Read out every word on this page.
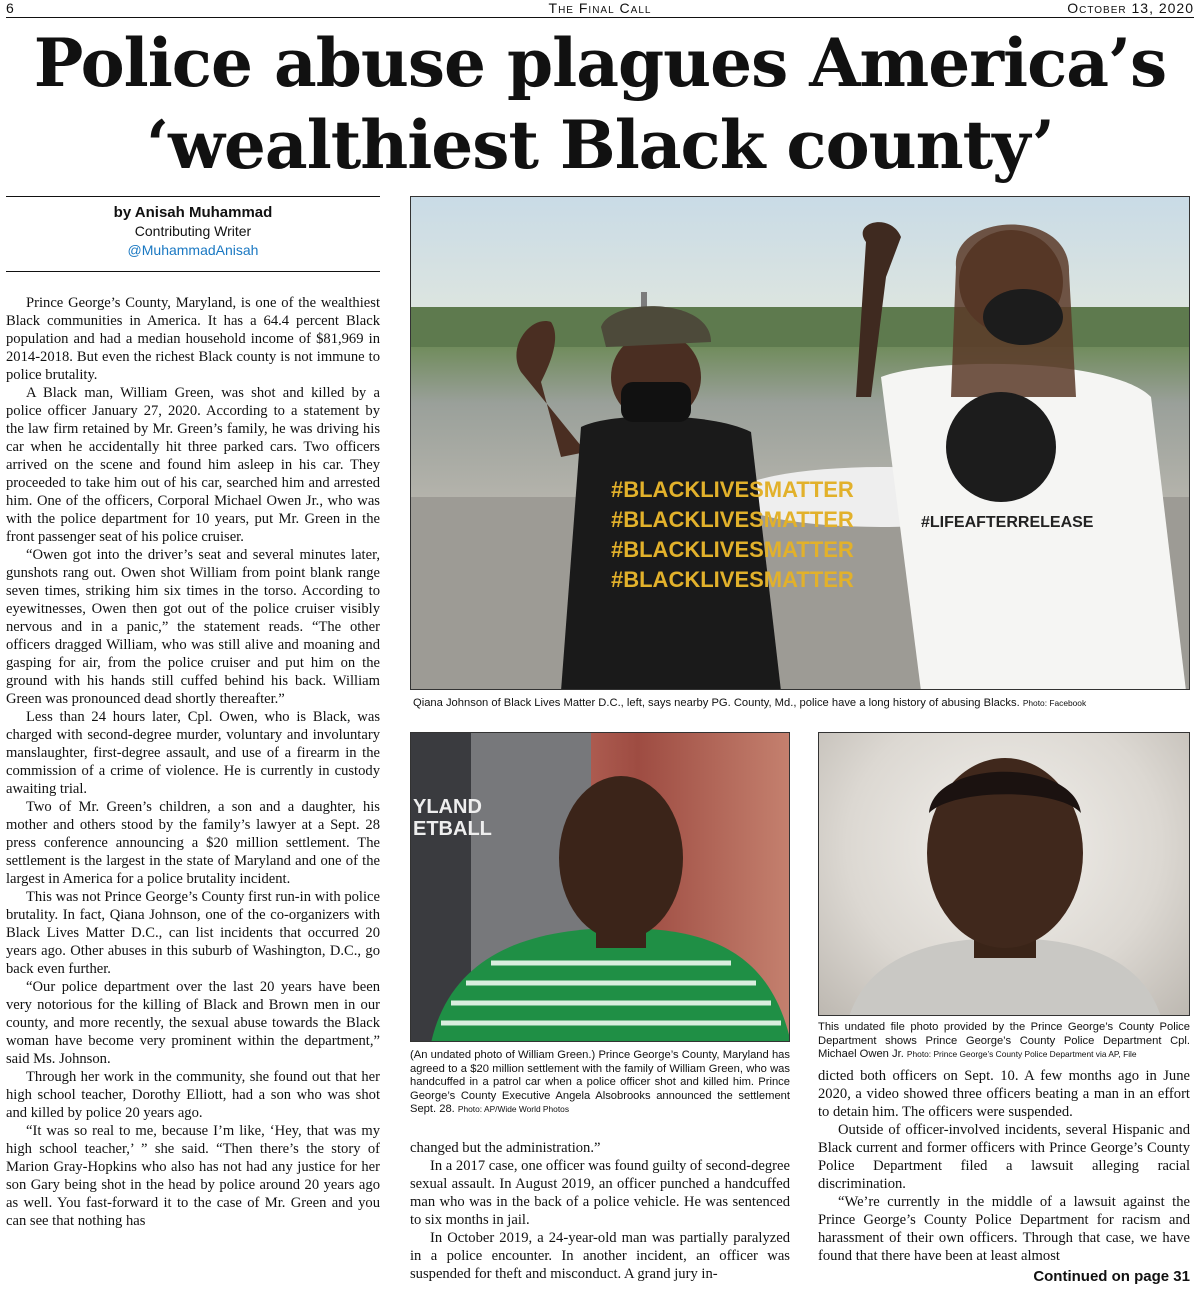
6	The Final Call	October 13, 2020
Police abuse plagues America’s
‘wealthiest Black county’
by Anisah Muhammad
Contributing Writer
@MuhammadAnisah

Prince George’s County, Maryland, is one of the wealthiest Black communities in America. It has a 64.4 percent Black population and had a median household income of $81,969 in 2014-2018. But even the richest Black county is not immune to police brutality.

A Black man, William Green, was shot and killed by a police officer January 27, 2020. According to a statement by the law firm retained by Mr. Green’s family, he was driving his car when he accidentally hit three parked cars. Two officers arrived on the scene and found him asleep in his car. They proceeded to take him out of his car, searched him and arrested him. One of the officers, Corporal Michael Owen Jr., who was with the police department for 10 years, put Mr. Green in the front passenger seat of his police cruiser.

“Owen got into the driver’s seat and several minutes later, gunshots rang out. Owen shot William from point blank range seven times, striking him six times in the torso. According to eyewitnesses, Owen then got out of the police cruiser visibly nervous and in a panic,” the statement reads. “The other officers dragged William, who was still alive and moaning and gasping for air, from the police cruiser and put him on the ground with his hands still cuffed behind his back. William Green was pronounced dead shortly thereafter.”

Less than 24 hours later, Cpl. Owen, who is Black, was charged with second-degree murder, voluntary and involuntary manslaughter, first-degree assault, and use of a firearm in the commission of a crime of violence. He is currently in custody awaiting trial.

Two of Mr. Green’s children, a son and a daughter, his mother and others stood by the family’s lawyer at a Sept. 28 press conference announcing a $20 million settlement. The settlement is the largest in the state of Maryland and one of the largest in America for a police brutality incident.

This was not Prince George’s County first run-in with police brutality. In fact, Qiana Johnson, one of the co-organizers with Black Lives Matter D.C., can list incidents that occurred 20 years ago. Other abuses in this suburb of Washington, D.C., go back even further.

“Our police department over the last 20 years have been very notorious for the killing of Black and Brown men in our county, and more recently, the sexual abuse towards the Black woman have become very prominent within the department,” said Ms. Johnson.

Through her work in the community, she found out that her high school teacher, Dorothy Elliott, had a son who was shot and killed by police 20 years ago.

“It was so real to me, because I’m like, ‘Hey, that was my high school teacher,’ ” she said. “Then there’s the story of Marion Gray-Hopkins who also has not had any justice for her son Gary being shot in the head by police around 20 years ago as well. You fast-forward it to the case of Mr. Green and you can see that nothing has

#BLACKLIVESMATTER
#BLACKLIVESMATTER
#BLACKLIVESMATTER
#BLACKLIVESMATTER
#LIFEAFTERRELEASE
Qiana Johnson of Black Lives Matter D.C., left, says nearby PG. County, Md., police have a long history of abusing Blacks. Photo: Facebook
YLAND
ETBALL
(An undated photo of William Green.) Prince George’s County, Maryland has agreed to a $20 million settlement with the family of William Green, who was handcuffed in a patrol car when a police officer shot and killed him. Prince George’s County Executive Angela Alsobrooks announced the settlement Sept. 28. Photo: AP/Wide World Photos
This undated file photo provided by the Prince George’s County Police Department shows Prince George’s County Police Department Cpl. Michael Owen Jr. Photo: Prince George’s County Police Department via AP, File

changed but the administration.”

In a 2017 case, one officer was found guilty of second-degree sexual assault. In August 2019, an officer punched a handcuffed man who was in the back of a police vehicle. He was sentenced to six months in jail.

In October 2019, a 24-year-old man was partially paralyzed in a police encounter. In another incident, an officer was suspended for theft and misconduct. A grand jury in-

dicted both officers on Sept. 10. A few months ago in June 2020, a video showed three officers beating a man in an effort to detain him. The officers were suspended.

Outside of officer-involved incidents, several Hispanic and Black current and former officers with Prince George’s County Police Department filed a lawsuit alleging racial discrimination.

“We’re currently in the middle of a lawsuit against the Prince George’s County Police Department for racism and harassment of their own officers. Through that case, we have found that there have been at least almost

Continued on page 31
